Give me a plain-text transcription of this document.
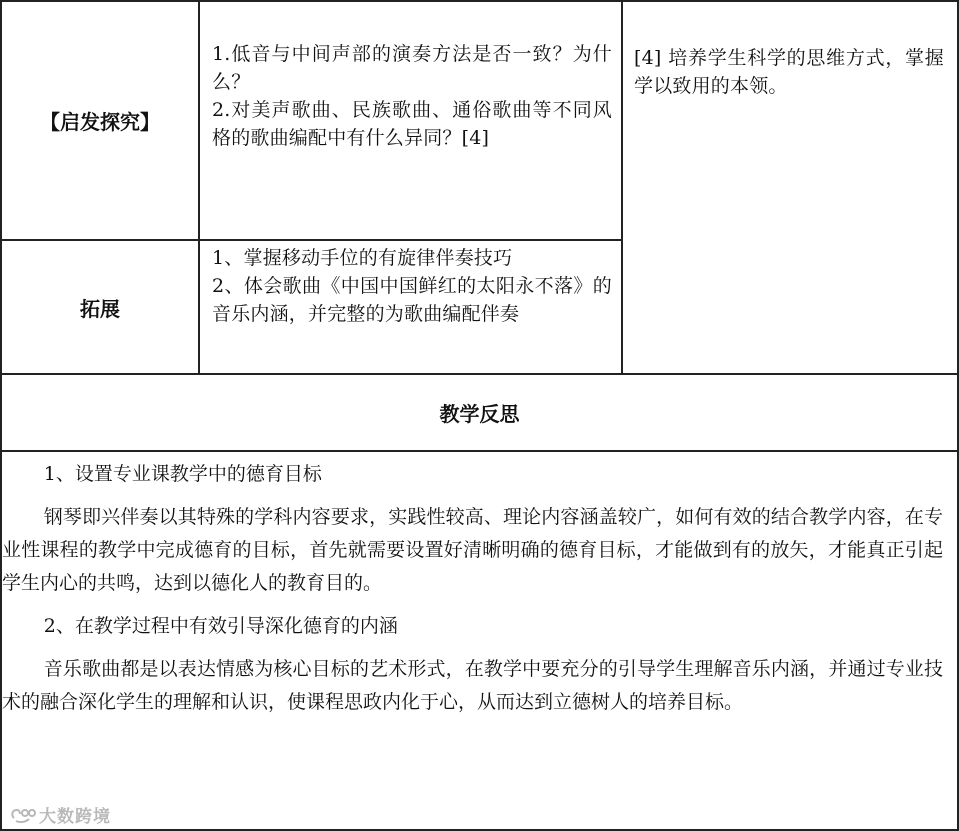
【启发探究】

1.低音与中间声部的演奏方法是否一致？为什么？

2.对美声歌曲、民族歌曲、通俗歌曲等不同风格的歌曲编配中有什么异同？[4]

拓展

1、掌握移动手位的有旋律伴奏技巧

2、体会歌曲《中国中国鲜红的太阳永不落》的音乐内涵，并完整的为歌曲编配伴奏

[4] 培养学生科学的思维方式，掌握学以致用的本领。
教学反思

1、设置专业课教学中的德育目标

钢琴即兴伴奏以其特殊的学科内容要求，实践性较高、理论内容涵盖较广，如何有效的结合教学内容，在专业性课程的教学中完成德育的目标，首先就需要设置好清晰明确的德育目标，才能做到有的放矢，才能真正引起学生内心的共鸣，达到以德化人的教育目的。

2、在教学过程中有效引导深化德育的内涵

音乐歌曲都是以表达情感为核心目标的艺术形式，在教学中要充分的引导学生理解音乐内涵，并通过专业技术的融合深化学生的理解和认识，使课程思政内化于心，从而达到立德树人的培养目标。

大数跨境
